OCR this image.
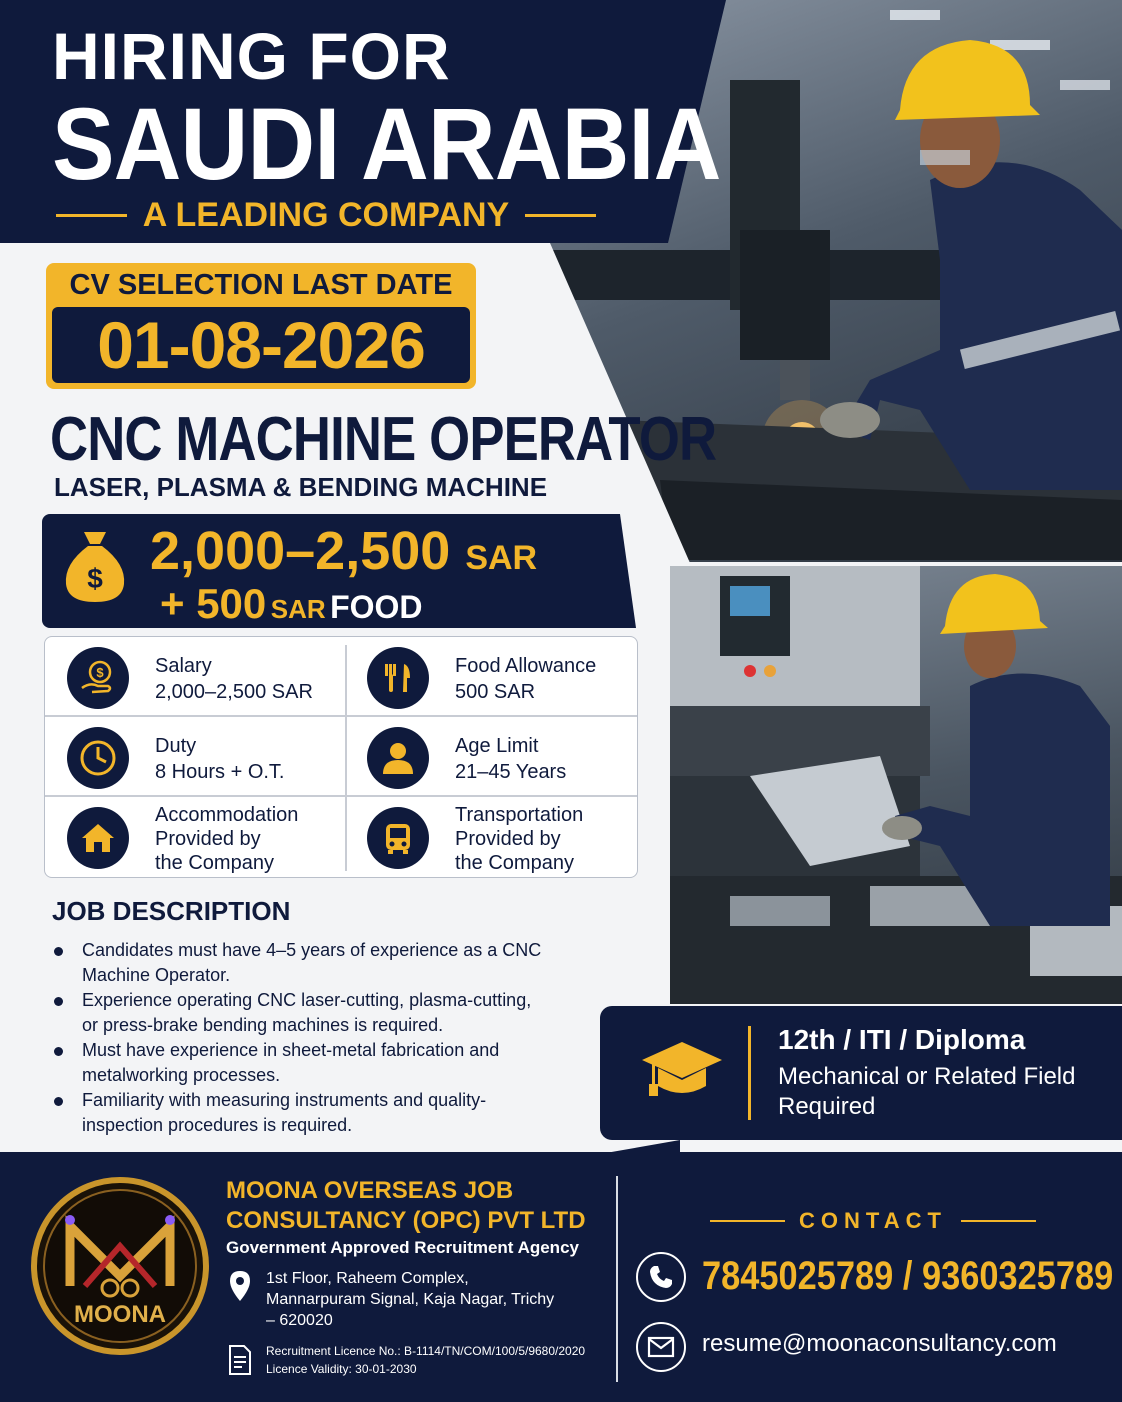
HIRING FOR
SAUDI ARABIA
A LEADING COMPANY
CV SELECTION LAST DATE
01-08-2026
CNC MACHINE OPERATOR
LASER, PLASMA & BENDING MACHINE
$ 2,000–2,500 SAR
+ 500 SAR FOOD
$	Salary
2,000–2,500 SAR
Food Allowance
500 SAR
Duty
8 Hours + O.T.
Age Limit
21–45 Years
Accommodation
Provided by
the Company
Transportation
Provided by
the Company
JOB DESCRIPTION
Candidates must have 4–5 years of experience as a CNC Machine Operator.
Experience operating CNC laser-cutting, plasma-cutting, or press-brake bending machines is required.
Must have experience in sheet-metal fabrication and metalworking processes.
Familiarity with measuring instruments and quality-inspection procedures is required.
12th / ITI / Diploma
Mechanical or Related Field Required
MOONA
MOONA OVERSEAS JOB CONSULTANCY (OPC) PVT LTD
Government Approved Recruitment Agency
1st Floor, Raheem Complex, Mannarpuram Signal, Kaja Nagar, Trichy – 620020
Recruitment Licence No.: B-1114/TN/COM/100/5/9680/2020
Licence Validity: 30-01-2030
CONTACT
7845025789 / 9360325789
resume@moonaconsultancy.com
